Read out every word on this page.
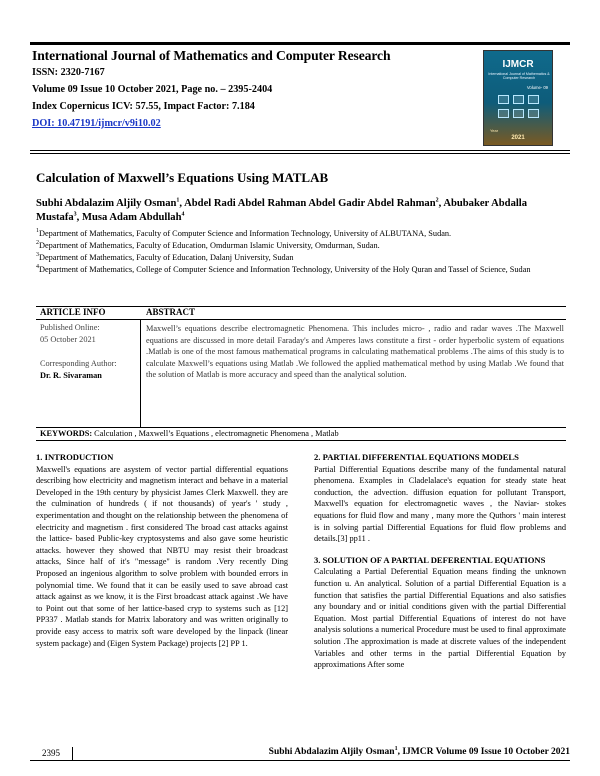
International Journal of Mathematics and Computer Research
ISSN: 2320-7167
Volume 09 Issue 10 October 2021, Page no. – 2395-2404
Index Copernicus ICV: 57.55, Impact Factor: 7.184
DOI: 10.47191/ijmcr/v9i10.02
IJMCR
International Journal of Mathematics & Computer Research
Volume- 09
Year
2021
Calculation of Maxwell’s Equations Using MATLAB
Subhi Abdalazim Aljily Osman$^1$, Abdel Radi Abdel Rahman Abdel Gadir Abdel Rahman$^2$, Abubaker Abdalla Mustafa$^3$, Musa Adam Abdullah$^4$
$^1$Department of Mathematics, Faculty of Computer Science and Information Technology, University of ALBUTANA, Sudan.
$^2$Department of Mathematics, Faculty of Education, Omdurman Islamic University, Omdurman, Sudan.
$^3$Department of Mathematics, Faculty of Education, Dalanj University, Sudan
$^4$Department of Mathematics, College of Computer Science and Information Technology, University of the Holy Quran and Tassel of Science, Sudan
ARTICLE INFO	ABSTRACT
Published Online:
05 October 2021
Corresponding Author:
Dr. R. Sivaraman
Maxwell’s equations describe electromagnetic Phenomena. This includes micro- , radio and radar waves .The Maxwell equations are discussed in more detail Faraday's and Amperes laws constitute a first - order hyperbolic system of equations .Matlab is one of the most famous mathematical programs in calculating mathematical problems .The aims of this study is to calculate Maxwell’s equations using Matlab .We followed the applied mathematical method by using Matlab .We found that the solution of Matlab is more accuracy and speed than the analytical solution.
KEYWORDS: Calculation , Maxwell’s Equations , electromagnetic Phenomena , Matlab
1. INTRODUCTION

Maxwell's equations are asystem of vector partial differential equations describing how electricity and magnetism interact and behave in a material Developed in the 19th century by physicist James Clerk Maxwell. they are the culmination of hundreds ( if not thousands) of year's ' study , experimentation and thought on the relationship between the phenomena of electricity and magnetism . first considered The broad cast attacks against the lattice- based Public-key cryptosystems and also gave some heuristic attacks. however they showed that NBTU may resist their broadcast attacks, Since half of it's "message" is random .Very recently Ding Proposed an ingenious algorithm to solve problem with bounded errors in polynomial time. We found that it can be easily used to save abroad cast attack against as we know, it is the First broadcast attack against .We have to Point out that some of her lattice-based cryp to systems such as [12] PP337 . Matlab stands for Matrix laboratory and was written originally to provide easy access to matrix soft ware developed by the linpack (linear system package) and (Eigen System Package) projects [2] PP 1.

2. PARTIAL DIFFERENTIAL EQUATIONS MODELS

Partial Differential Equations describe many of the fundamental natural phenomena. Examples in Cladelalace's equation for steady state heat conduction, the advection. diffusion equation for pollutant Transport, Maxwell's equation for electromagnetic waves , the Naviar- stokes equations for fluid flow and many , many more the Quthors ' main interest is in solving partial Differential Equations for fluid flow problems and details.[3] pp11 .

3. SOLUTION OF A PARTIAL DEFERENTIAL EQUATIONS

Calculating a Partial Deferential Equation means finding the unknown function u. An analytical. Solution of a partial Differential Equation is a function that satisfies the partial Differential Equations and also satisfies any boundary and or initial conditions given with the partial Differential Equation. Most partial Differential Equations of interest do not have analysis solutions a numerical Procedure must be used to final approximate solution .The approximation is made at discrete values of the independent Variables and other terms in the partial Differential Equation by approximations After some

2395	Subhi Abdalazim Aljily Osman$^1$, IJMCR Volume 09 Issue 10 October 2021
